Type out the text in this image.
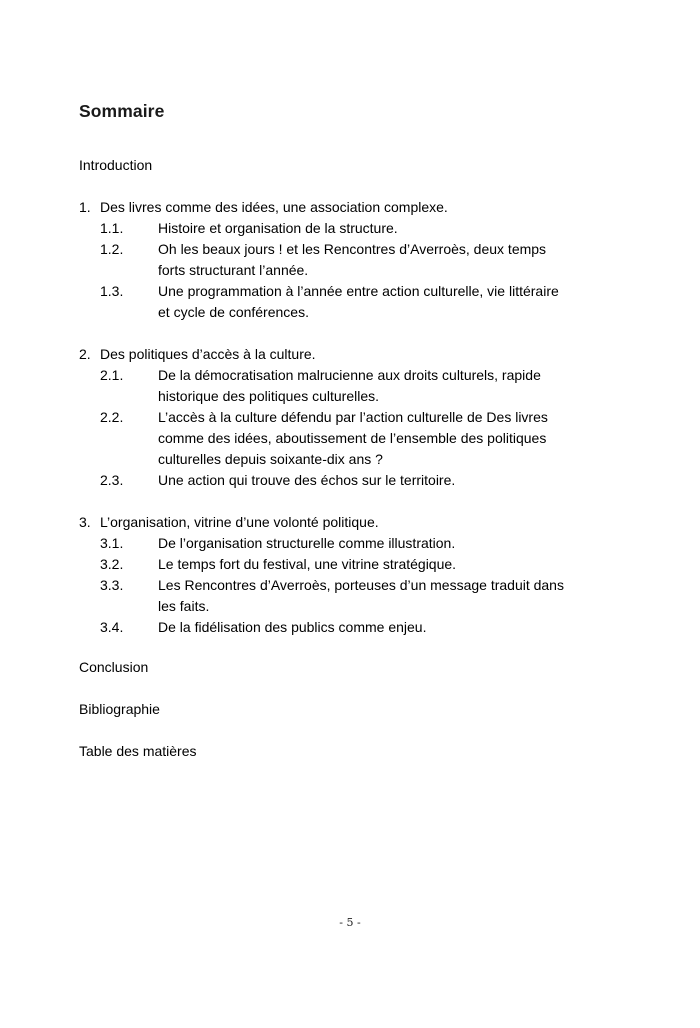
Sommaire
Introduction
1. Des livres comme des idées, une association complexe.
1.1. Histoire et organisation de la structure.
1.2. Oh les beaux jours ! et les Rencontres d’Averroès, deux temps
forts structurant l’année.
1.3. Une programmation à l’année entre action culturelle, vie littéraire
et cycle de conférences.
2. Des politiques d’accès à la culture.
2.1. De la démocratisation malrucienne aux droits culturels, rapide
historique des politiques culturelles.
2.2. L’accès à la culture défendu par l’action culturelle de Des livres
comme des idées, aboutissement de l’ensemble des politiques
culturelles depuis soixante-dix ans ?
2.3. Une action qui trouve des échos sur le territoire.
3. L’organisation, vitrine d’une volonté politique.
3.1. De l’organisation structurelle comme illustration.
3.2. Le temps fort du festival, une vitrine stratégique.
3.3. Les Rencontres d’Averroès, porteuses d’un message traduit dans
les faits.
3.4. De la fidélisation des publics comme enjeu.
Conclusion
Bibliographie
Table des matières
- 5 -
